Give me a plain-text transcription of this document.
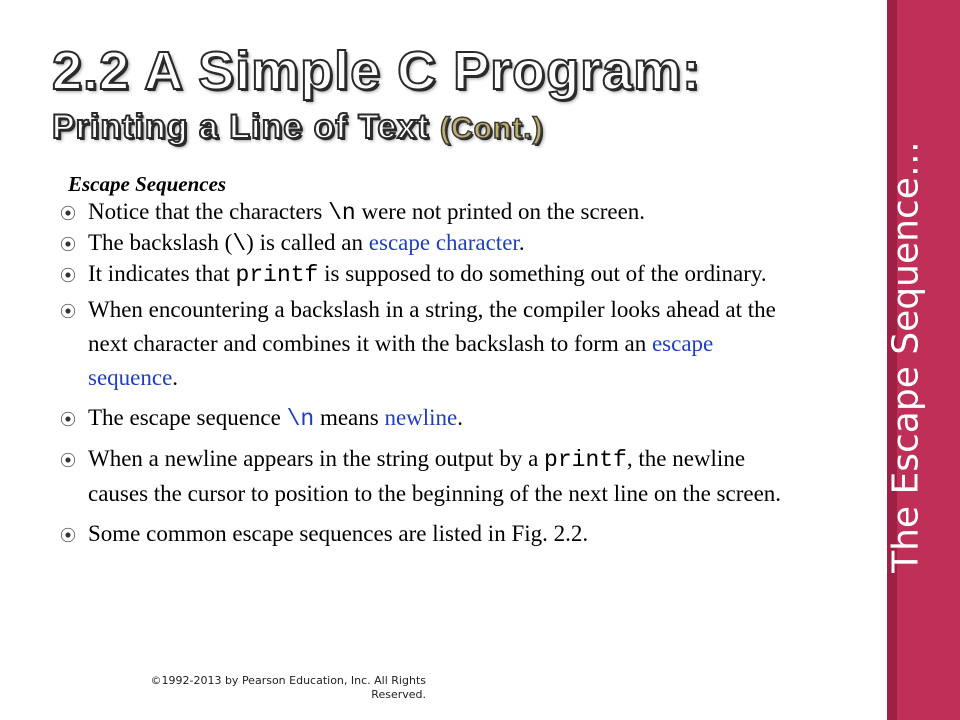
2.2 A Simple C Program:
Printing a Line of Text (Cont.)
Escape Sequences
⦿ Notice that the characters \n were not printed on the screen.
⦿ The backslash (\) is called an escape character.
⦿ It indicates that printf is supposed to do something out of the ordinary.
⦿ When encountering a backslash in a string, the compiler looks ahead at the next character and combines it with the backslash to form an escape sequence.
⦿ The escape sequence \n means newline.
⦿ When a newline appears in the string output by a printf, the newline causes the cursor to position to the beginning of the next line on the screen.
⦿ Some common escape sequences are listed in Fig. 2.2.
©1992-2013 by Pearson Education, Inc. All Rights
Reserved.
The Escape Sequence…
